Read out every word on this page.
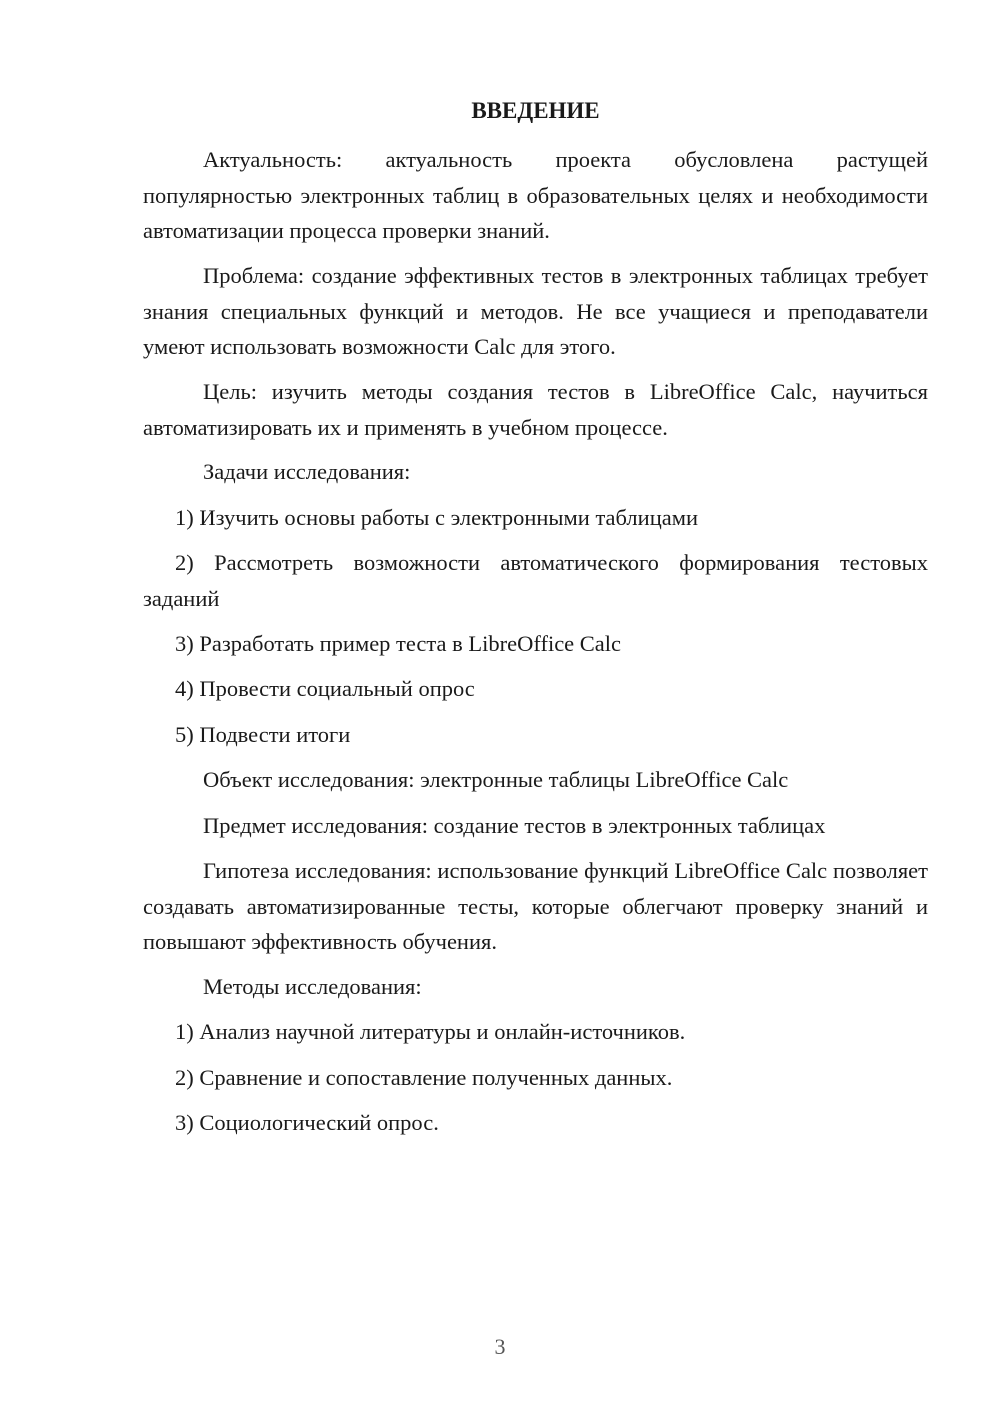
ВВЕДЕНИЕ

Актуальность: актуальность проекта обусловлена растущей популярностью электронных таблиц в образовательных целях и необходимости автоматизации процесса проверки знаний.

Проблема: создание эффективных тестов в электронных таблицах требует знания специальных функций и методов. Не все учащиеся и преподаватели умеют использовать возможности Calc для этого.

Цель: изучить методы создания тестов в LibreOffice Calc, научиться автоматизировать их и применять в учебном процессе.

Задачи исследования:

1) Изучить основы работы с электронными таблицами

2) Рассмотреть возможности автоматического формирования тестовых заданий

3) Разработать пример теста в LibreOffice Calc

4) Провести социальный опрос

5) Подвести итоги

Объект исследования: электронные таблицы LibreOffice Calc

Предмет исследования: создание тестов в электронных таблицах

Гипотеза исследования: использование функций LibreOffice Calc позволяет создавать автоматизированные тесты, которые облегчают проверку знаний и повышают эффективность обучения.

Методы исследования:

1) Анализ научной литературы и онлайн-источников.

2) Сравнение и сопоставление полученных данных.

3) Социологический опрос.

3
